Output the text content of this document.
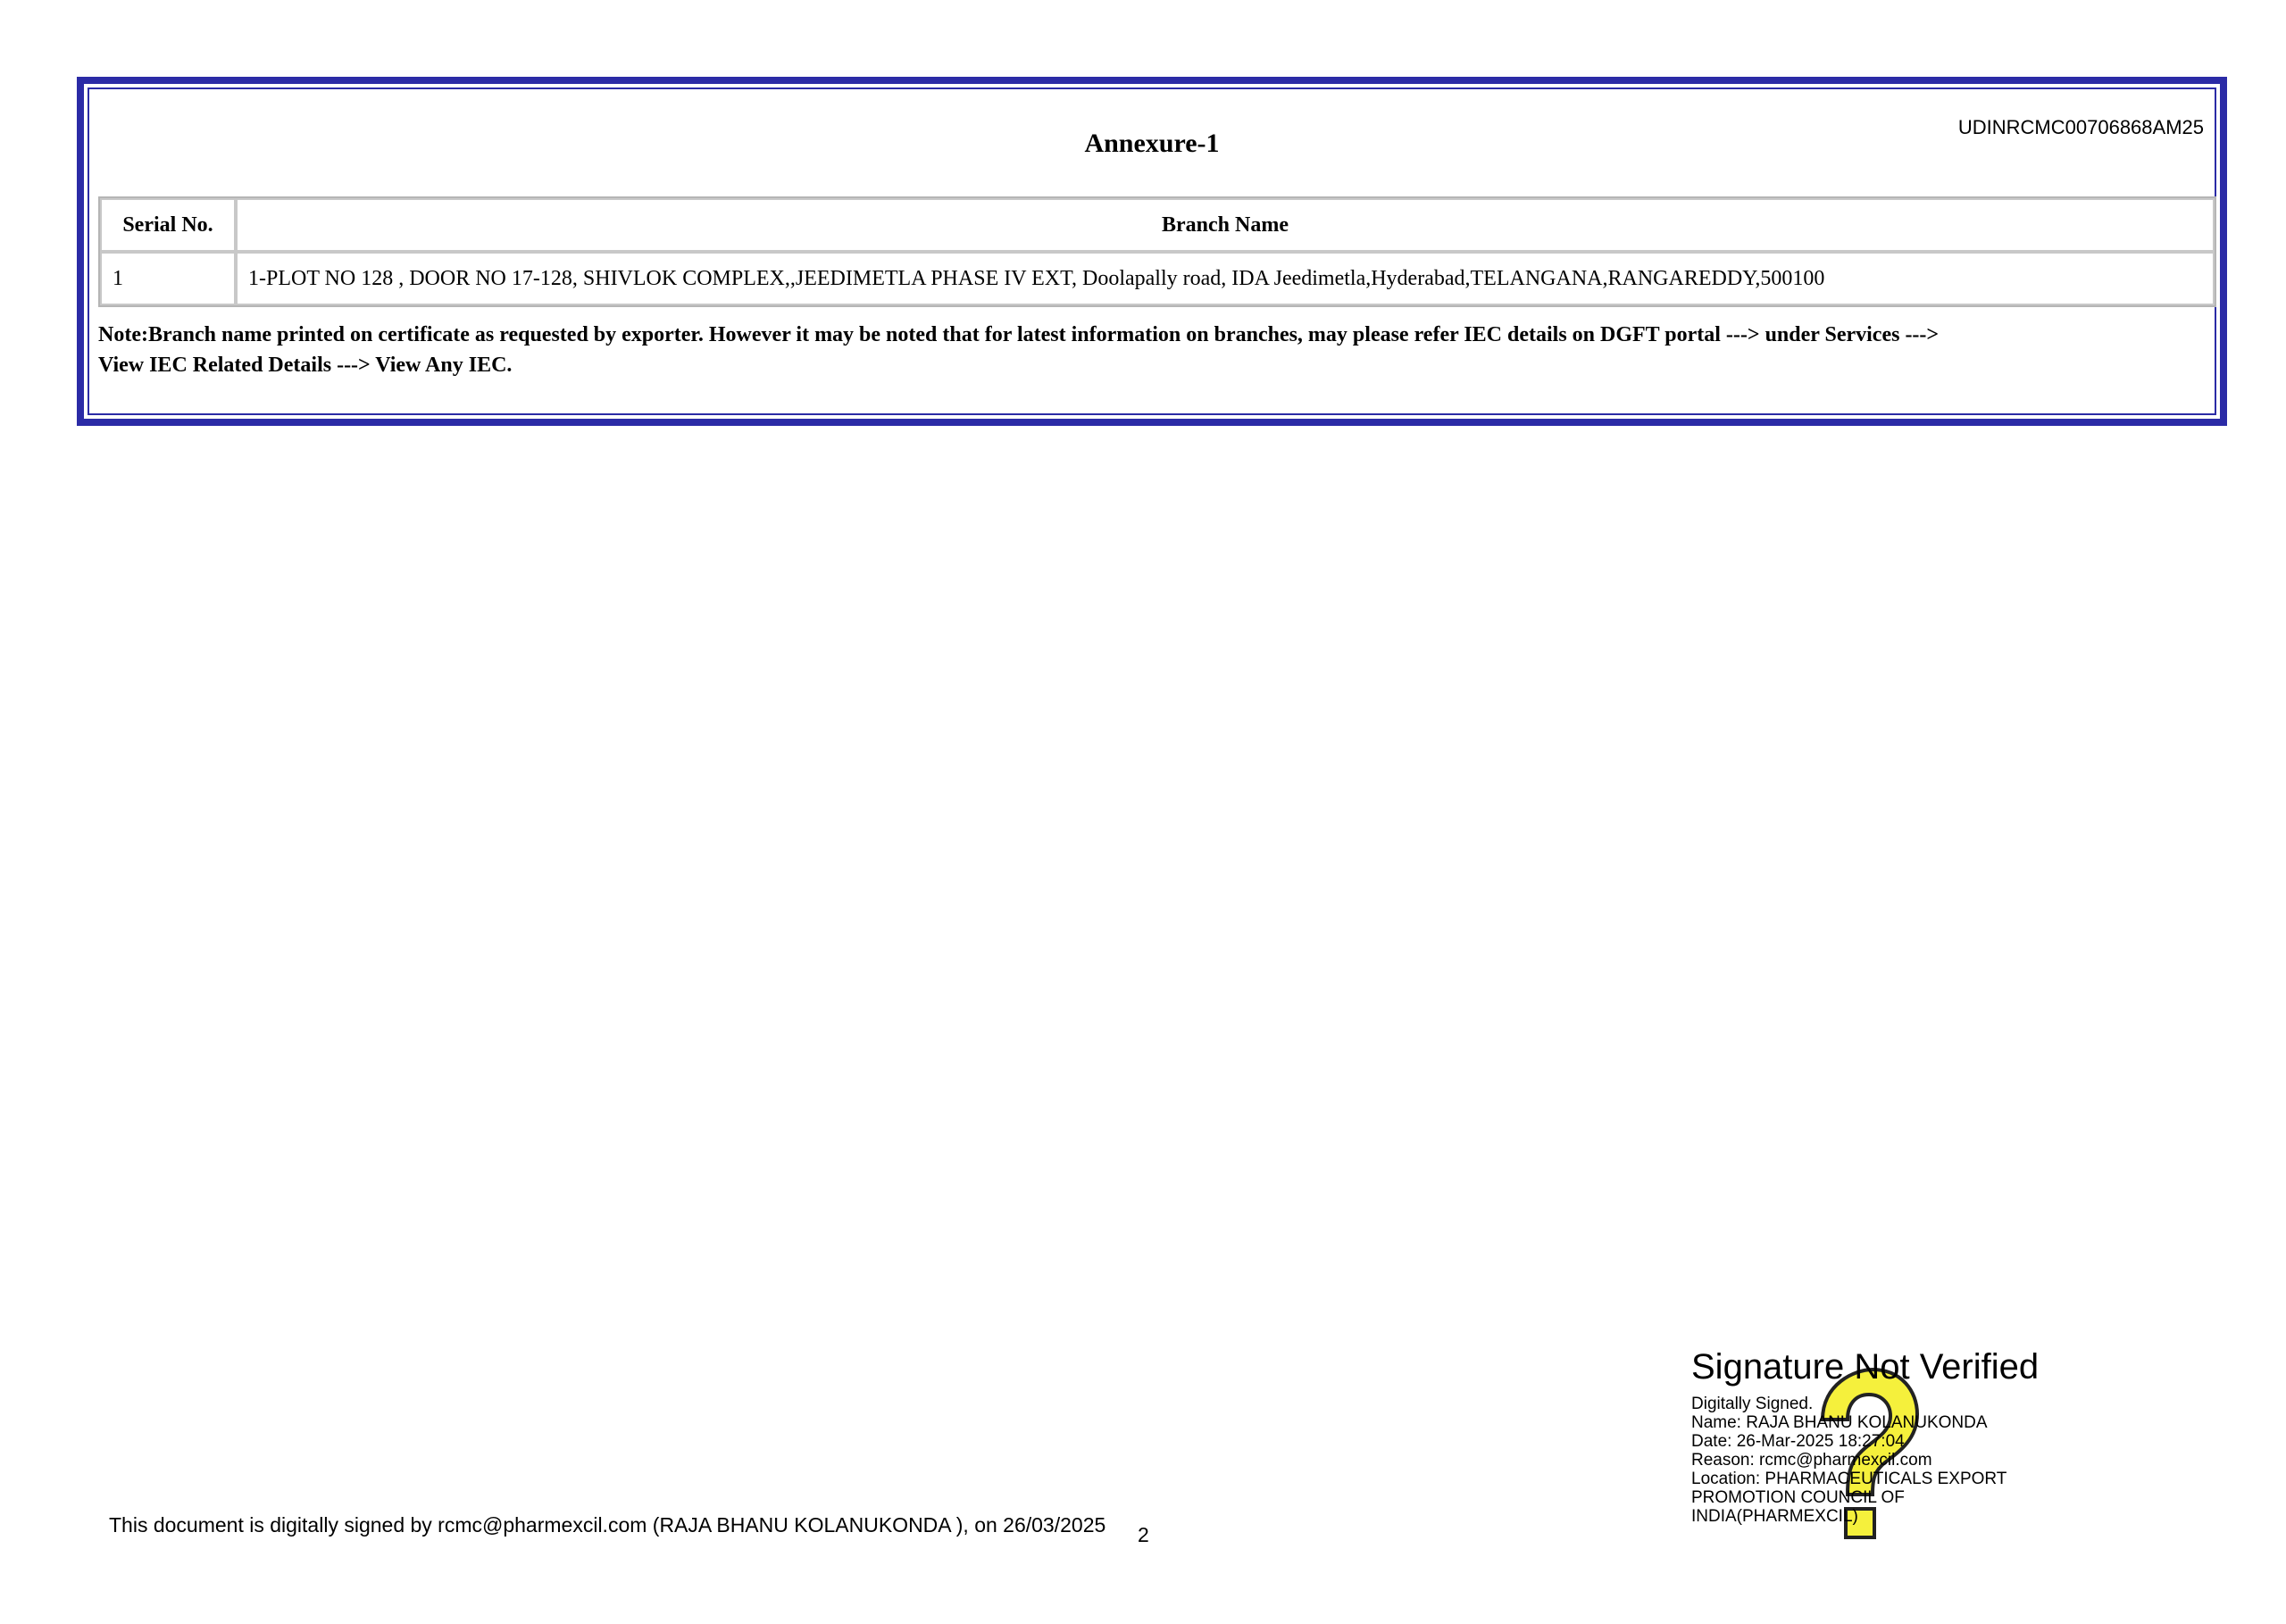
UDINRCMC00706868AM25
Annexure-1
Serial No.	Branch Name
1	1-PLOT NO 128 , DOOR NO 17-128, SHIVLOK COMPLEX,,JEEDIMETLA PHASE IV EXT, Doolapally road, IDA Jeedimetla,Hyderabad,TELANGANA,RANGAREDDY,500100
Note:Branch name printed on certificate as requested by exporter. However it may be noted that for latest information on branches, may please refer IEC details on DGFT portal ---> under Services --->
View IEC Related Details ---> View Any IEC.
This document is digitally signed by rcmc@pharmexcil.com (RAJA BHANU KOLANUKONDA ), on 26/03/2025 2
Signature Not Verified
Digitally Signed.
Name: RAJA BHANU KOLANUKONDA
Date: 26-Mar-2025 18:27:04
Reason: rcmc@pharmexcil.com
Location: PHARMACEUTICALS EXPORT
PROMOTION COUNCIL OF
INDIA(PHARMEXCIL)
